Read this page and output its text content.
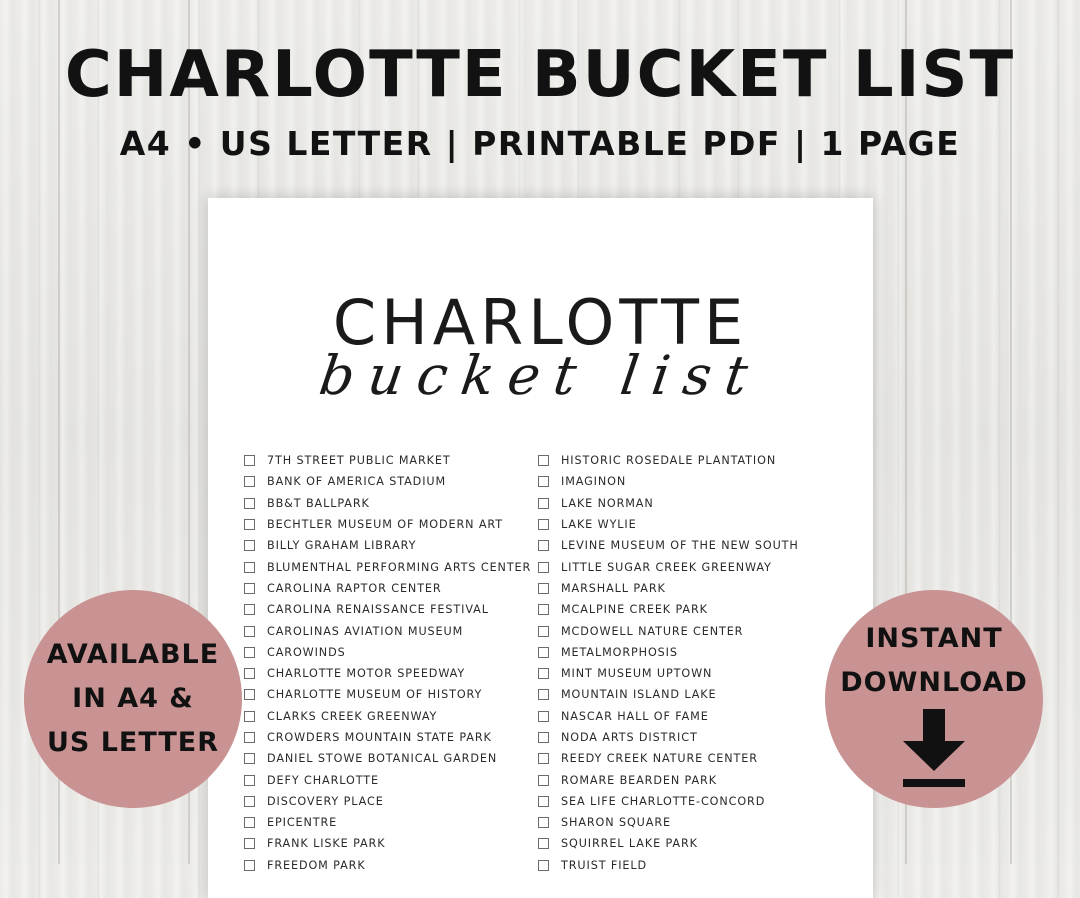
CHARLOTTE BUCKET LIST
A4 • US LETTER | PRINTABLE PDF | 1 PAGE
CHARLOTTE
bucket list
7TH STREET PUBLIC MARKET
BANK OF AMERICA STADIUM
BB&T BALLPARK
BECHTLER MUSEUM OF MODERN ART
BILLY GRAHAM LIBRARY
BLUMENTHAL PERFORMING ARTS CENTER
CAROLINA RAPTOR CENTER
CAROLINA RENAISSANCE FESTIVAL
CAROLINAS AVIATION MUSEUM
CAROWINDS
CHARLOTTE MOTOR SPEEDWAY
CHARLOTTE MUSEUM OF HISTORY
CLARKS CREEK GREENWAY
CROWDERS MOUNTAIN STATE PARK
DANIEL STOWE BOTANICAL GARDEN
DEFY CHARLOTTE
DISCOVERY PLACE
EPICENTRE
FRANK LISKE PARK
FREEDOM PARK
HISTORIC ROSEDALE PLANTATION
IMAGINON
LAKE NORMAN
LAKE WYLIE
LEVINE MUSEUM OF THE NEW SOUTH
LITTLE SUGAR CREEK GREENWAY
MARSHALL PARK
MCALPINE CREEK PARK
MCDOWELL NATURE CENTER
METALMORPHOSIS
MINT MUSEUM UPTOWN
MOUNTAIN ISLAND LAKE
NASCAR HALL OF FAME
NODA ARTS DISTRICT
REEDY CREEK NATURE CENTER
ROMARE BEARDEN PARK
SEA LIFE CHARLOTTE-CONCORD
SHARON SQUARE
SQUIRREL LAKE PARK
TRUIST FIELD
AVAILABLE
IN A4 &
US LETTER
INSTANT
DOWNLOAD
